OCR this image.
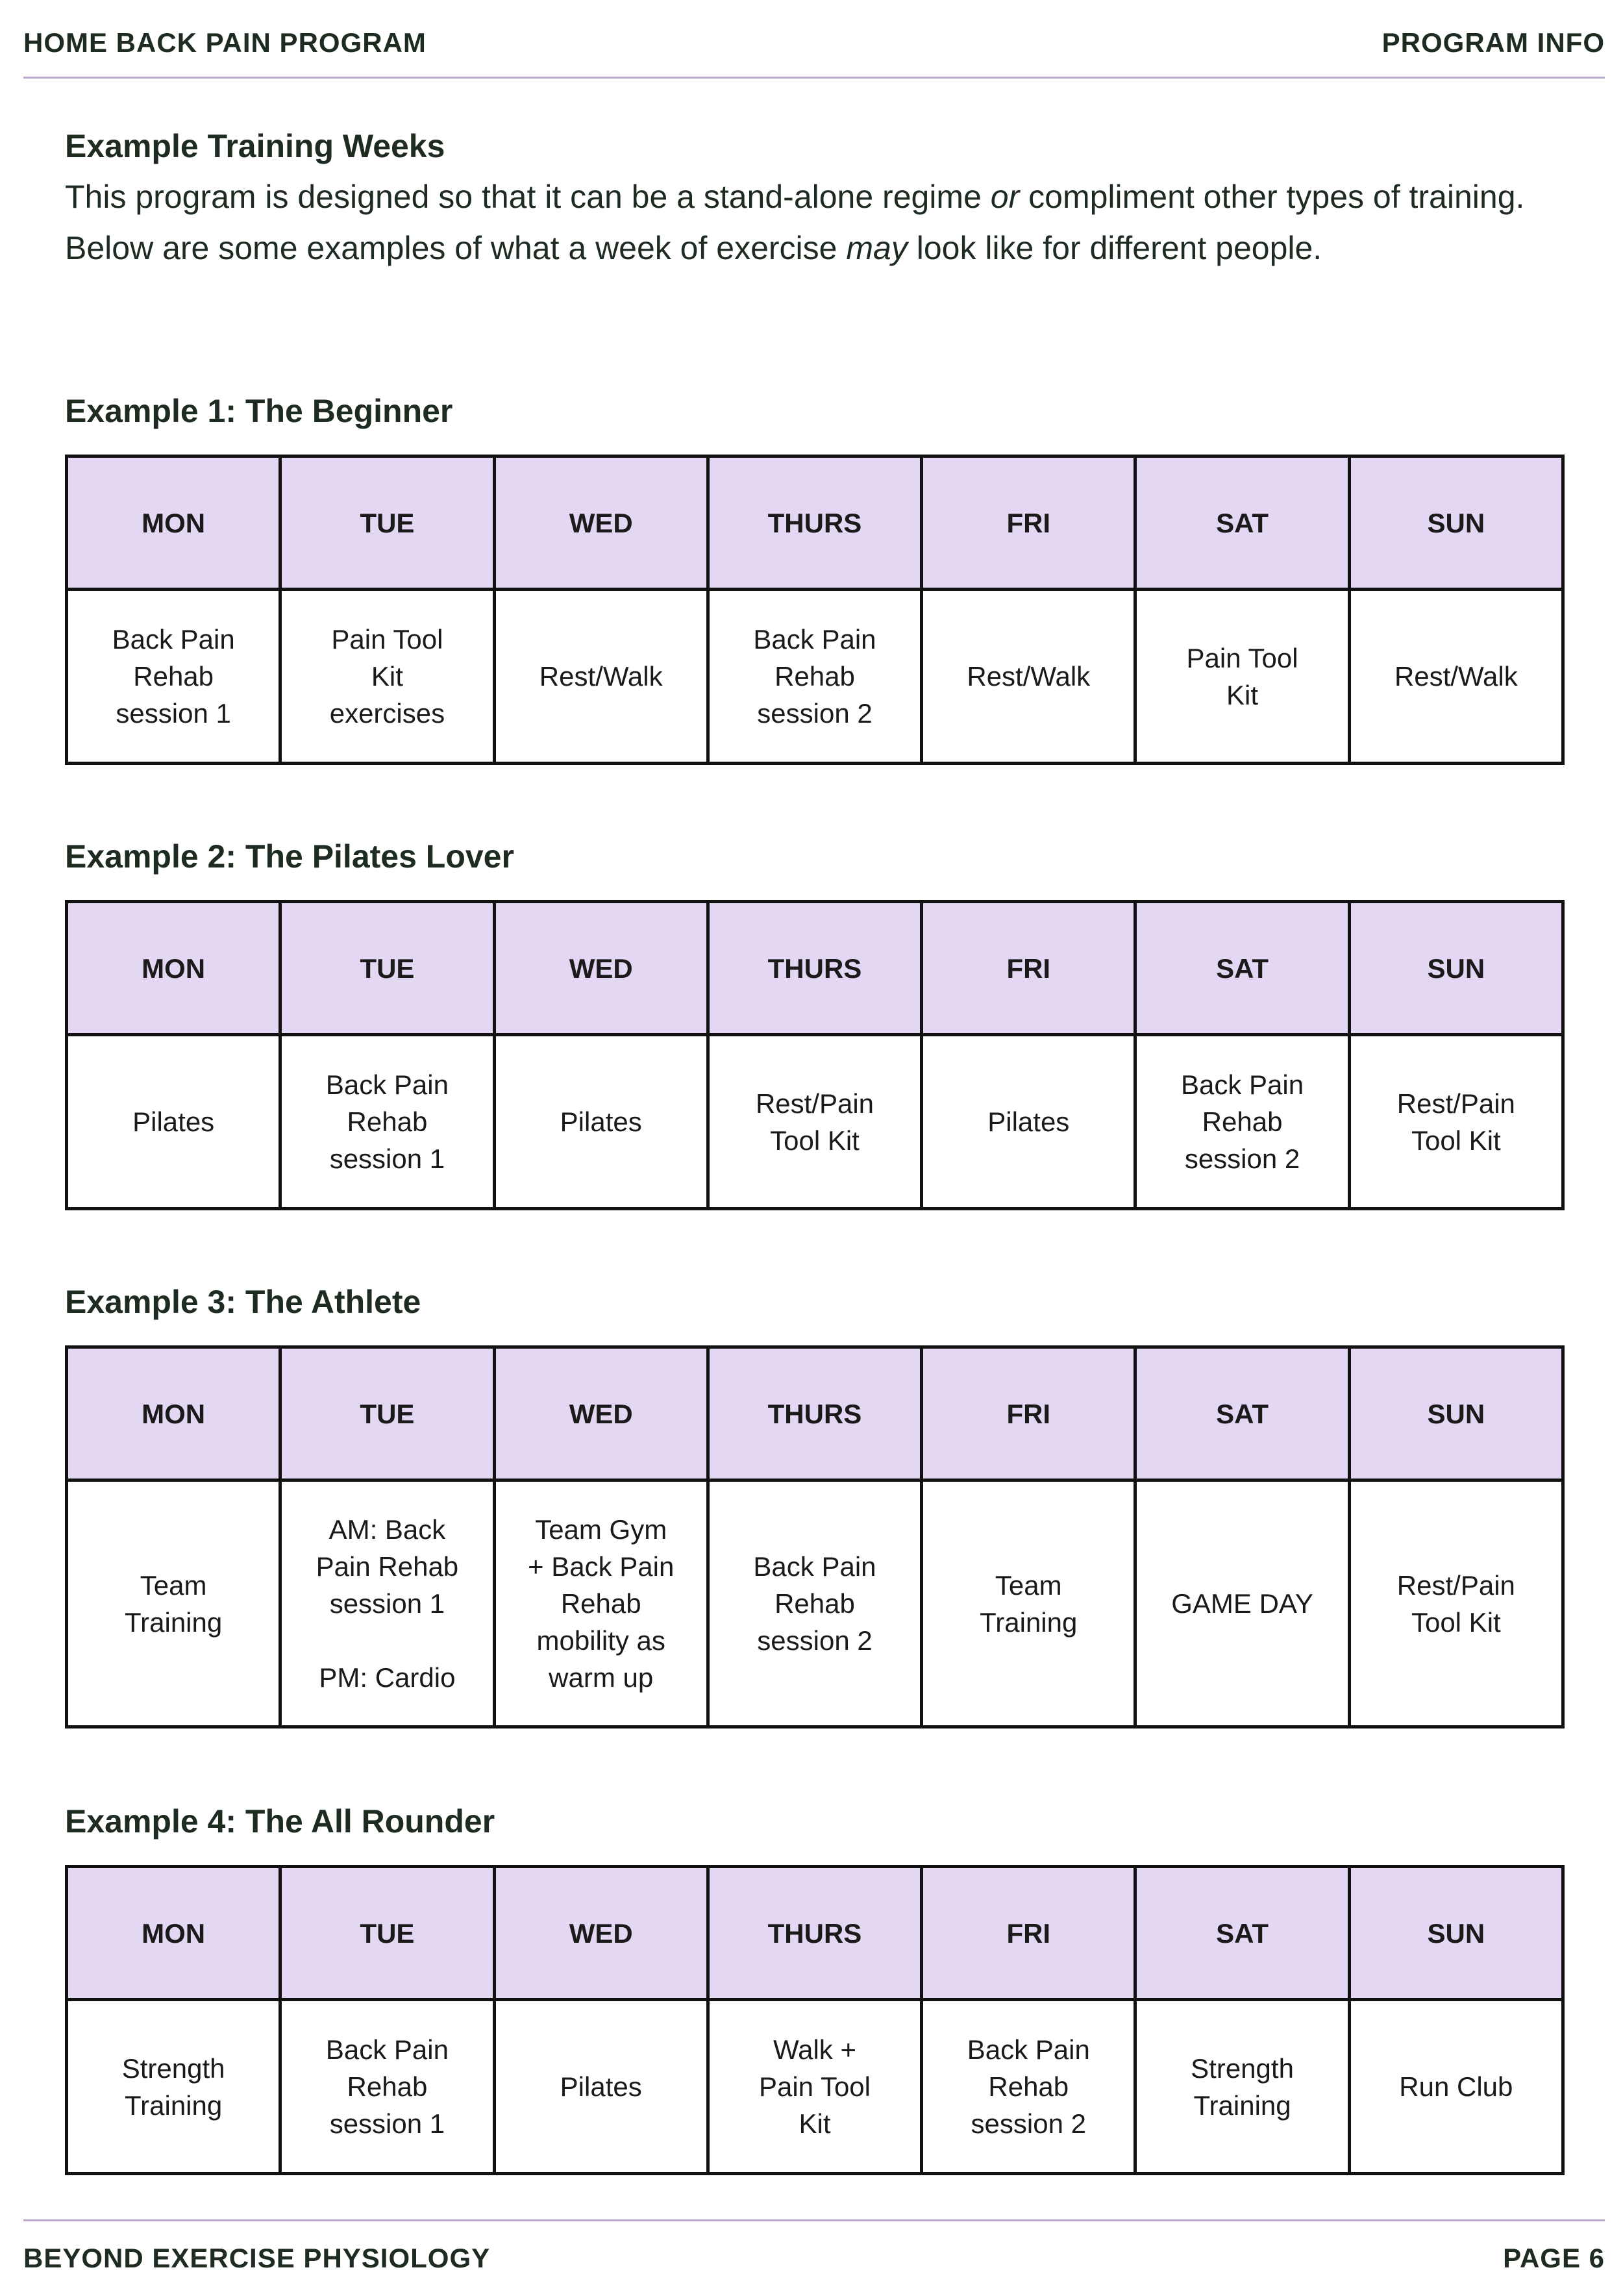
HOME BACK PAIN PROGRAM	PROGRAM INFO
Example Training Weeks
This program is designed so that it can be a stand-alone regime or compliment other types of training. Below are some examples of what a week of exercise may look like for different people.
Example 1: The Beginner
MON	TUE	WED	THURS	FRI	SAT	SUN

Back Pain
Rehab
session 1	Pain Tool
Kit
exercises	Rest/Walk	Back Pain
Rehab
session 2	Rest/Walk	Pain Tool
Kit	Rest/Walk
Example 2: The Pilates Lover
MON	TUE	WED	THURS	FRI	SAT	SUN

Pilates	Back Pain
Rehab
session 1	Pilates	Rest/Pain
Tool Kit	Pilates	Back Pain
Rehab
session 2	Rest/Pain
Tool Kit
Example 3: The Athlete
MON	TUE	WED	THURS	FRI	SAT	SUN

Team
Training	AM: Back
Pain Rehab
session 1

PM: Cardio	Team Gym
+ Back Pain
Rehab
mobility as
warm up	Back Pain
Rehab
session 2	Team
Training	GAME DAY	Rest/Pain
Tool Kit
Example 4: The All Rounder
MON	TUE	WED	THURS	FRI	SAT	SUN

Strength
Training	Back Pain
Rehab
session 1	Pilates	Walk +
Pain Tool
Kit	Back Pain
Rehab
session 2	Strength
Training	Run Club
BEYOND EXERCISE PHYSIOLOGY	PAGE 6
